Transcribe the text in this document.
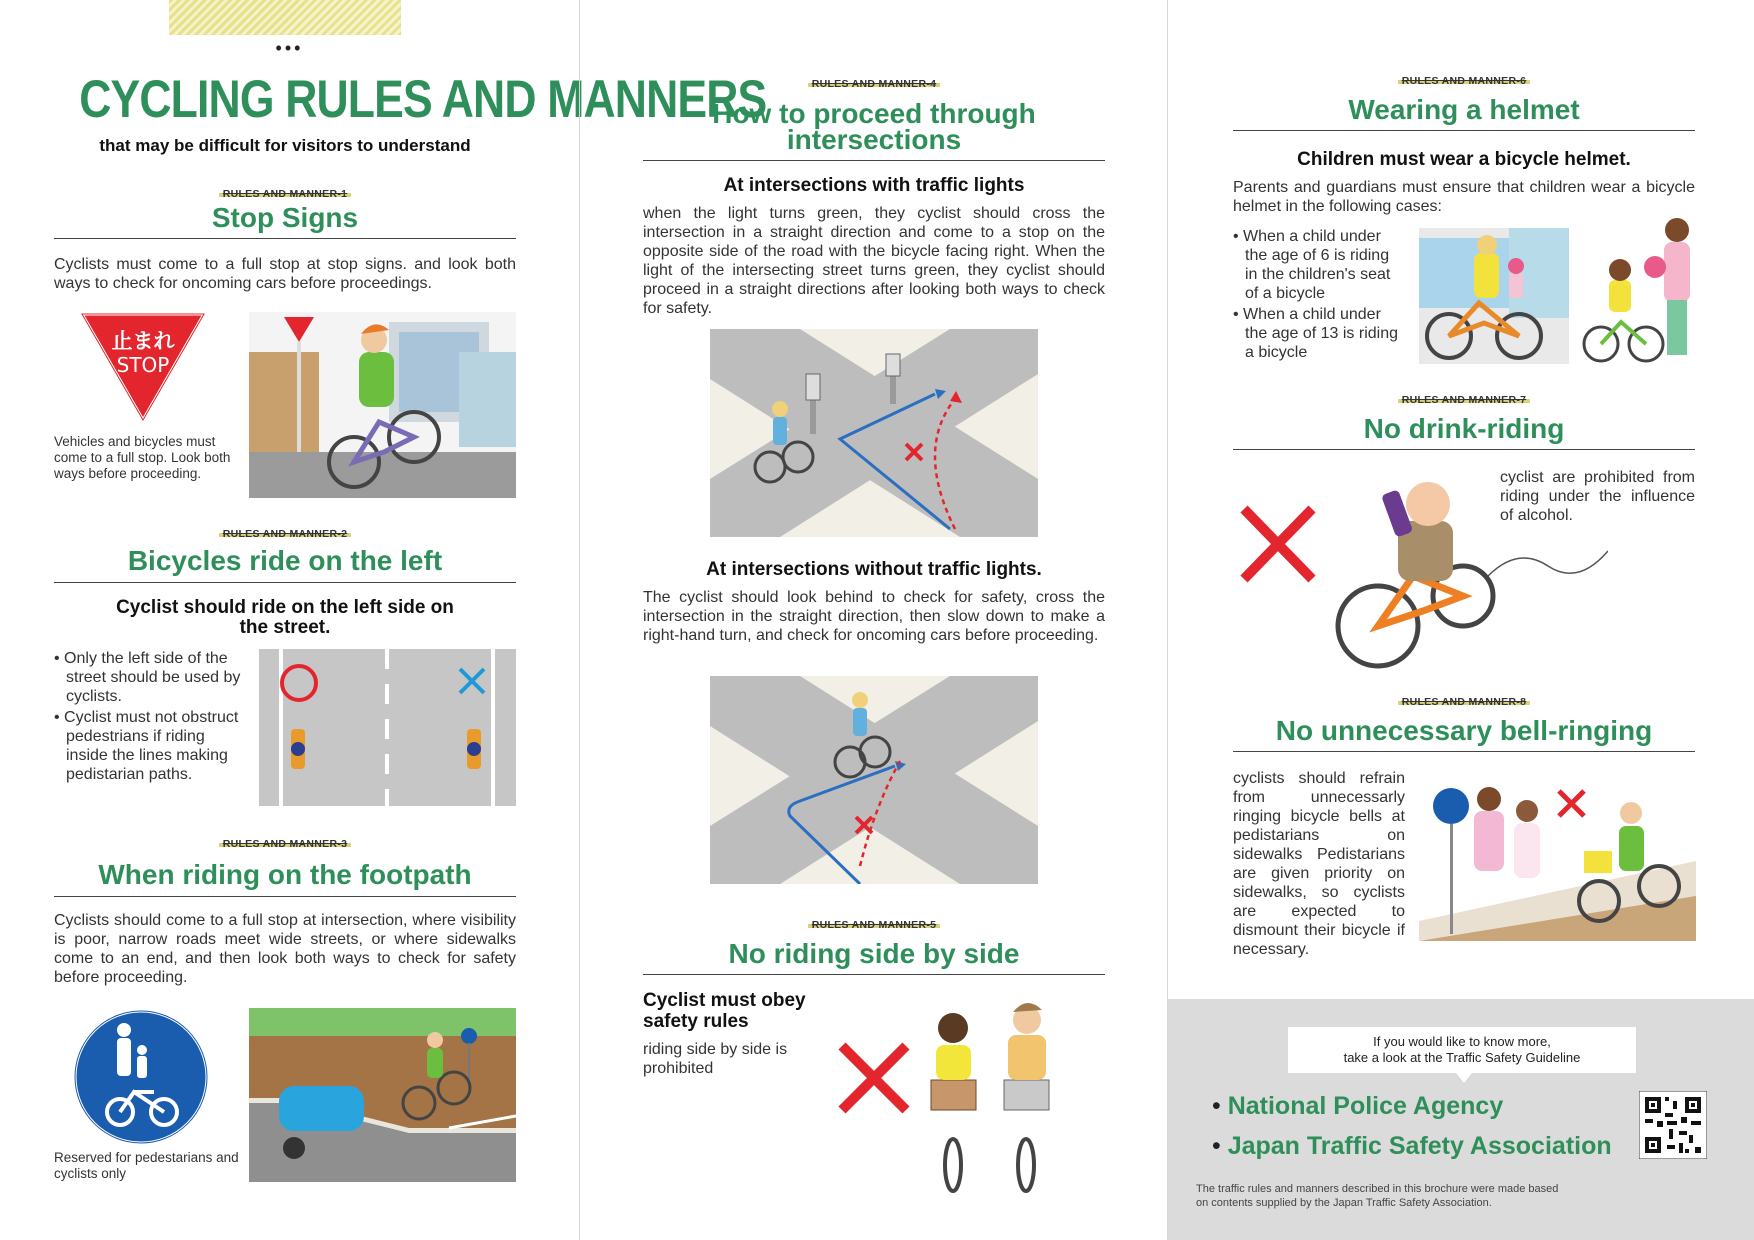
•••
CYCLING RULES AND MANNERS
that may be difficult for visitors to understand
RULES AND MANNER-1
Stop Signs
Cyclists must come to a full stop at stop signs. and look both ways to check for oncoming cars before proceedings.
止まれ
STOP
Vehicles and bicycles must come to a full stop. Look both ways before proceeding.
RULES AND MANNER-2
Bicycles ride on the left
Cyclist should ride on the left side on the street.
• Only the left side of the street should be used by cyclists.
• Cyclist must not obstruct pedestrians if riding inside the lines making pedistarian paths.
RULES AND MANNER-3
When riding on the footpath
Cyclists should come to a full stop at intersection, where visibility is poor, narrow roads meet wide streets, or where sidewalks come to an end, and then look both ways to check for safety before proceeding.
Reserved for pedestarians and cyclists only
RULES AND MANNER-4
How to proceed through
intersections
At intersections with traffic lights
when the light turns green, they cyclist should cross the intersection in a straight direction and come to a stop on the opposite side of the road with the bicycle facing right. When the light of the intersecting street turns green, they cyclist should proceed in a straight directions after looking both ways to check for safety.
At intersections without traffic lights.
The cyclist should look behind to check for safety, cross the intersection in the straight direction, then slow down to make a right-hand turn, and check for oncoming cars before proceeding.
RULES AND MANNER-5
No riding side by side
Cyclist must obey safety rules
riding side by side is prohibited
RULES AND MANNER-6
Wearing a helmet
Children must wear a bicycle helmet.
Parents and guardians must ensure that children wear a bicycle helmet in the following cases:
• When a child under the age of 6 is riding in the children's seat of a bicycle
• When a child under the age of 13 is riding a bicycle
RULES AND MANNER-7
No drink-riding
cyclist are prohibited from riding under the influence of alcohol.
RULES AND MANNER-8
No unnecessary bell-ringing
cyclists should refrain from unnecessarly ringing bicycle bells at pedistarians on sidewalks Pedistarians are given priority on sidewalks, so cyclists are expected to dismount their bicycle if necessary.
If you would like to know more,
take a look at the Traffic Safety Guideline
• National Police Agency
• Japan Traffic Safety Association
The traffic rules and manners described in this brochure were made based
on contents supplied by the Japan Traffic Safety Association.
